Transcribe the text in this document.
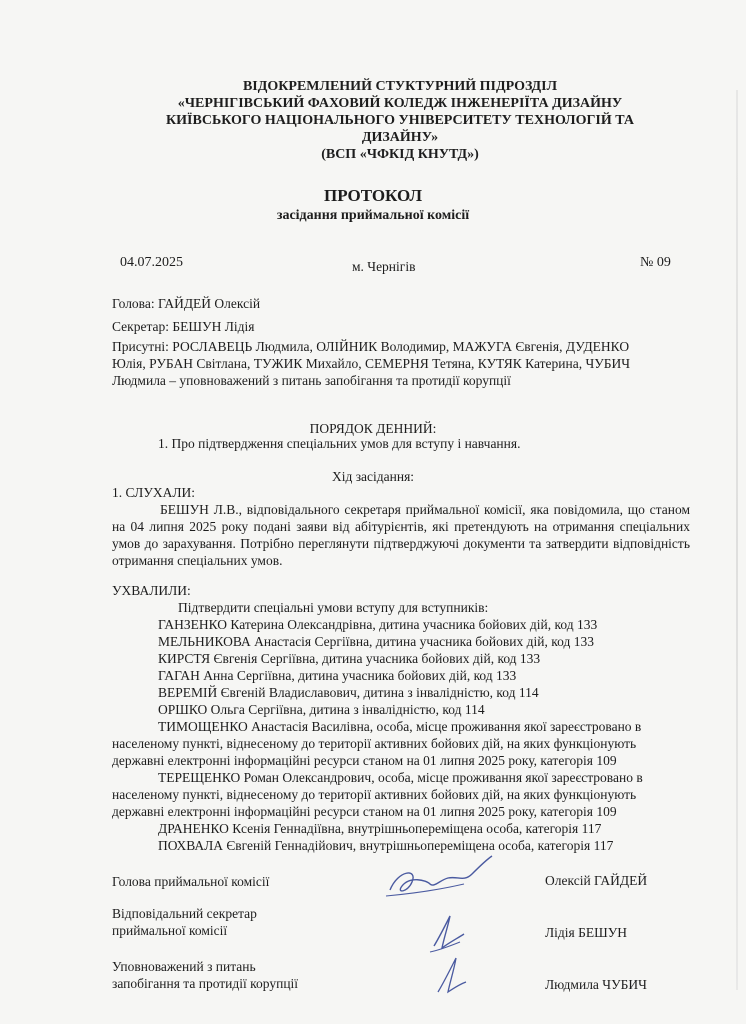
ВІДОКРЕМЛЕНИЙ СТУКТУРНИЙ ПІДРОЗДІЛ
«ЧЕРНІГІВСЬКИЙ ФАХОВИЙ КОЛЕДЖ ІНЖЕНЕРІЇТА ДИЗАЙНУ
КИЇВСЬКОГО НАЦІОНАЛЬНОГО УНІВЕРСИТЕТУ ТЕХНОЛОГІЙ ТА
ДИЗАЙНУ»
(ВСП «ЧФКІД КНУТД»)
ПРОТОКОЛ
засідання приймальної комісії
04.07.2025	м. Чернігів	№ 09
Голова: ГАЙДЕЙ Олексій
Секретар: БЕШУН Лідія
Присутні: РОСЛАВЕЦЬ Людмила, ОЛІЙНИК Володимир, МАЖУГА Євгенія, ДУДЕНКО
Юлія, РУБАН Світлана, ТУЖИК Михайло, СЕМЕРНЯ Тетяна, КУТЯК Катерина, ЧУБИЧ
Людмила – уповноважений з питань запобігання та протидії корупції
ПОРЯДОК ДЕННИЙ:
1. Про підтвердження спеціальних умов для вступу і навчання.
Хід засідання:
1. СЛУХАЛИ:
БЕШУН Л.В., відповідального секретаря приймальної комісії, яка повідомила, що станом на 04 липня 2025 року подані заяви від абітурієнтів, які претендують на отримання спеціальних умов до зарахування. Потрібно переглянути підтверджуючі документи та затвердити відповідність отримання спеціальних умов.
УХВАЛИЛИ:
Підтвердити спеціальні умови вступу для вступників:
ГАНЗЕНКО Катерина Олександрівна, дитина учасника бойових дій, код 133
МЕЛЬНИКОВА Анастасія Сергіївна, дитина учасника бойових дій, код 133
КИРСТЯ Євгенія Сергіївна, дитина учасника бойових дій, код 133
ГАГАН Анна Сергіївна, дитина учасника бойових дій, код 133
ВЕРЕМІЙ Євгеній Владиславович, дитина з інвалідністю, код 114
ОРШКО Ольга Сергіївна, дитина з інвалідністю, код 114
ТИМОЩЕНКО Анастасія Василівна, особа, місце проживання якої зареєстровано в
населеному пункті, віднесеному до території активних бойових дій, на яких функціонують
державні електронні інформаційні ресурси станом на 01 липня 2025 року, категорія 109
ТЕРЕЩЕНКО Роман Олександрович, особа, місце проживання якої зареєстровано в
населеному пункті, віднесеному до території активних бойових дій, на яких функціонують
державні електронні інформаційні ресурси станом на 01 липня 2025 року, категорія 109
ДРАНЕНКО Ксенія Геннадіївна, внутрішньопереміщена особа, категорія 117
ПОХВАЛА Євгеній Геннадійович, внутрішньопереміщена особа, категорія 117
Голова приймальної комісії	Олексій ГАЙДЕЙ
Відповідальний секретар
приймальної комісії	Лідія БЕШУН
Уповноважений з питань
запобігання та протидії корупції	Людмила ЧУБИЧ
